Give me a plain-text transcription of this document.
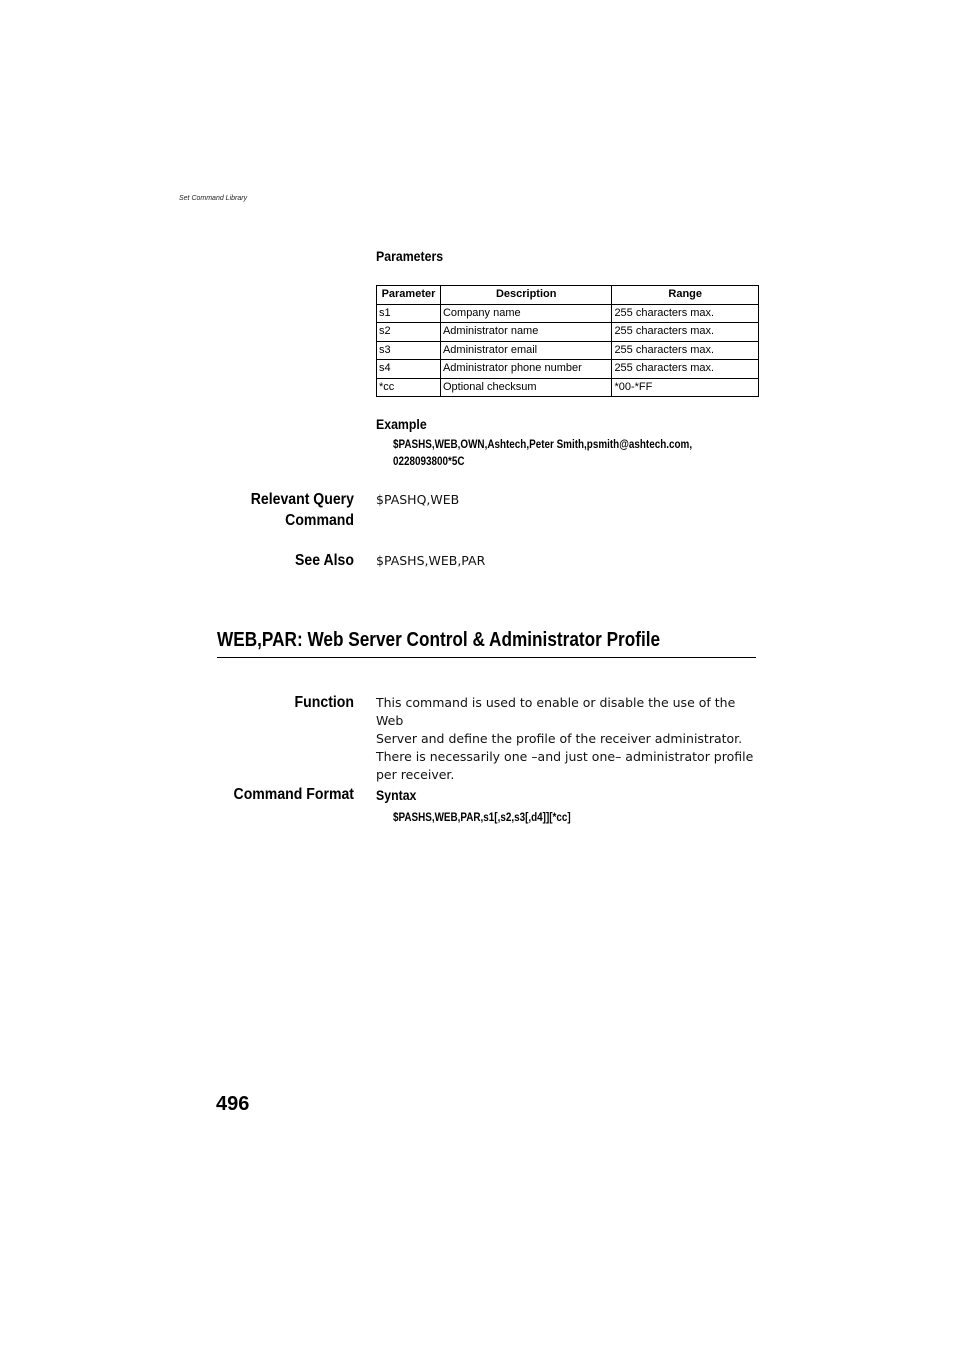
Set Command Library
Parameters
Parameter	Description	Range
s1	Company name	255 characters max.
s2	Administrator name	255 characters max.
s3	Administrator email	255 characters max.
s4	Administrator phone number	255 characters max.
*cc	Optional checksum	*00-*FF
Example
$PASHS,WEB,OWN,Ashtech,Peter Smith,psmith@ashtech.com,
0228093800*5C
Relevant Query
Command
$PASHQ,WEB
See Also $PASHS,WEB,PAR
WEB,PAR: Web Server Control & Administrator Profile
Function This command is used to enable or disable the use of the Web
Server and define the profile of the receiver administrator.
There is necessarily one –and just one– administrator profile
per receiver.
Command Format Syntax
$PASHS,WEB,PAR,s1[,s2,s3[,d4]][*cc]
496
